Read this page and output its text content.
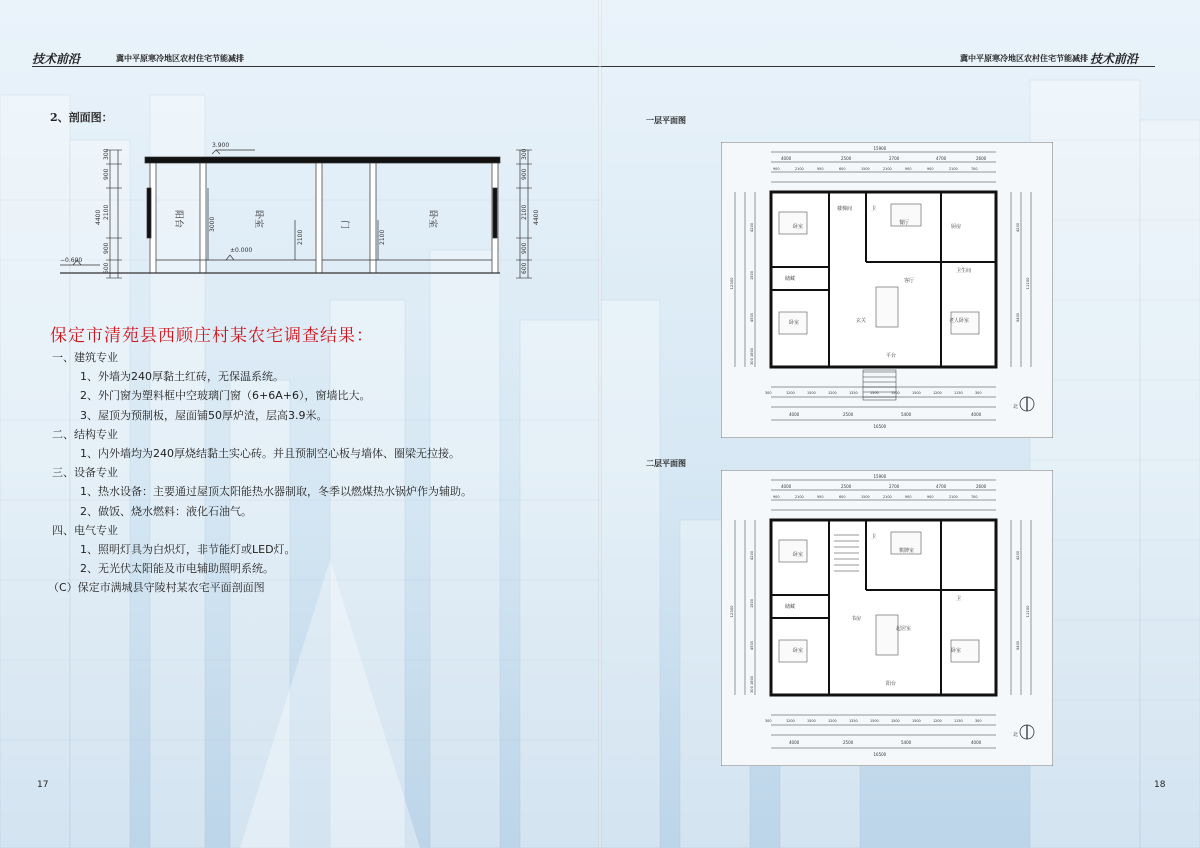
技术前沿	冀中平原寒冷地区农村住宅节能减排
2、剖面图：
3.900
±0.000
−0.600
300
900
4400 2100
900
600
300
900
4400
2100
900
600
3000
2100	2100
阳台	卧室	门	卧室
保定市清苑县西顾庄村某农宅调查结果：
一、建筑专业
1、外墙为240厚黏土红砖，无保温系统。
2、外门窗为塑料框中空玻璃门窗（6+6A+6），窗墙比大。
3、屋顶为预制板，屋面铺50厚炉渣，层高3.9米。
二、结构专业
1、内外墙均为240厚烧结黏土实心砖。并且预制空心板与墙体、圈梁无拉接。
三、设备专业
1、热水设备：主要通过屋顶太阳能热水器制取，冬季以燃煤热水锅炉作为辅助。
2、做饭、烧水燃料：液化石油气。
四、电气专业
1、照明灯具为白炽灯，非节能灯或LED灯。
2、无光伏太阳能及市电辅助照明系统。
（C）保定市满城县守陵村某农宅平面剖面图
17
冀中平原寒冷地区农村住宅节能减排 技术前沿
一层平面图
二层平面图
15900
4000	2500	2700	4700	2600
900	2100	950	600	1500	2100	900	900	2100	700
16500
4000	2500	5400	4000
300	1200	1500	1200	1350	1500	1500	1500	1200	1150	300
4200
1500
4500
1800
300
12300
4200
5400
11100
卧室
楼梯间	卫
餐厅
厨房
储藏
卫生间
客厅
卧室	玄关	老人卧室
平台
北
15900
4000	2500	2700	4700	2600
900	2100	950	600	1500	2100	900	900	2100	700
16500
4000	2500	5400	4000
300	1200	1500	1200	1350	1500	1500	1500	1200	1150	300
4200
1500
4500
1800
300
12300
4200
5400
11100
卧室
卫
棋牌室
储藏
卫
书房
起居室
卧室	卧室
阳台
北
18
